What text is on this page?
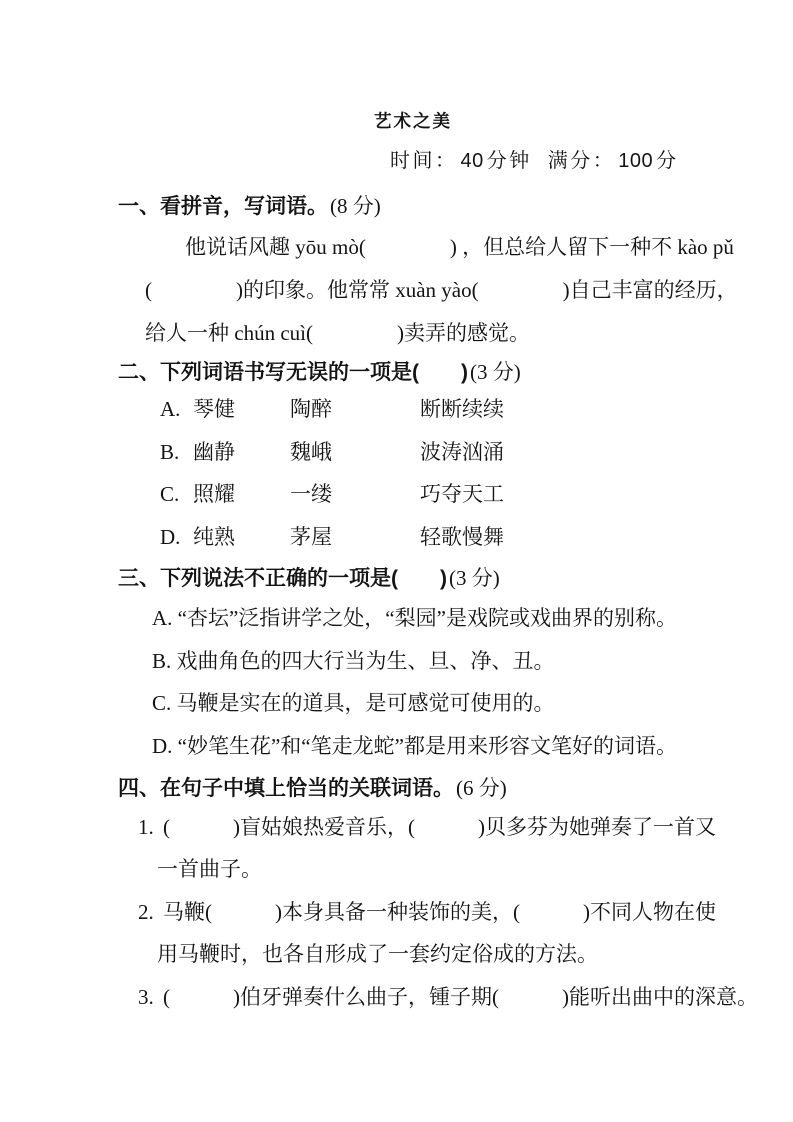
艺术之美
时间： 40 分钟 满分： 100 分
一、看拼音，写词语。(8 分)
他说话风趣 yōu mò(　　　　) ，但总给人留下一种不 kào pǔ
(　　　　)的印象。他常常 xuàn yào(　　　　)自己丰富的经历，
给人一种 chún cuì(　　　　)卖弄的感觉。
二、下列词语书写无误的一项是(　　)(3 分)
A. 琴健	陶醉	断断续续
B. 幽静	魏峨	波涛汹涌
C. 照耀	一缕	巧夺天工
D. 纯熟	茅屋	轻歌慢舞
三、下列说法不正确的一项是(　　)(3 分)
A. “杏坛”泛指讲学之处，“梨园”是戏院或戏曲界的别称。
B. 戏曲角色的四大行当为生、旦、净、丑。
C. 马鞭是实在的道具，是可感觉可使用的。
D. “妙笔生花”和“笔走龙蛇”都是用来形容文笔好的词语。
四、在句子中填上恰当的关联词语。(6 分)
1. (　　　)盲姑娘热爱音乐，(　　　)贝多芬为她弹奏了一首又
一首曲子。
2. 马鞭(　　　)本身具备一种装饰的美，(　　　)不同人物在使
用马鞭时，也各自形成了一套约定俗成的方法。
3. (　　　)伯牙弹奏什么曲子，锺子期(　　　)能听出曲中的深意。
